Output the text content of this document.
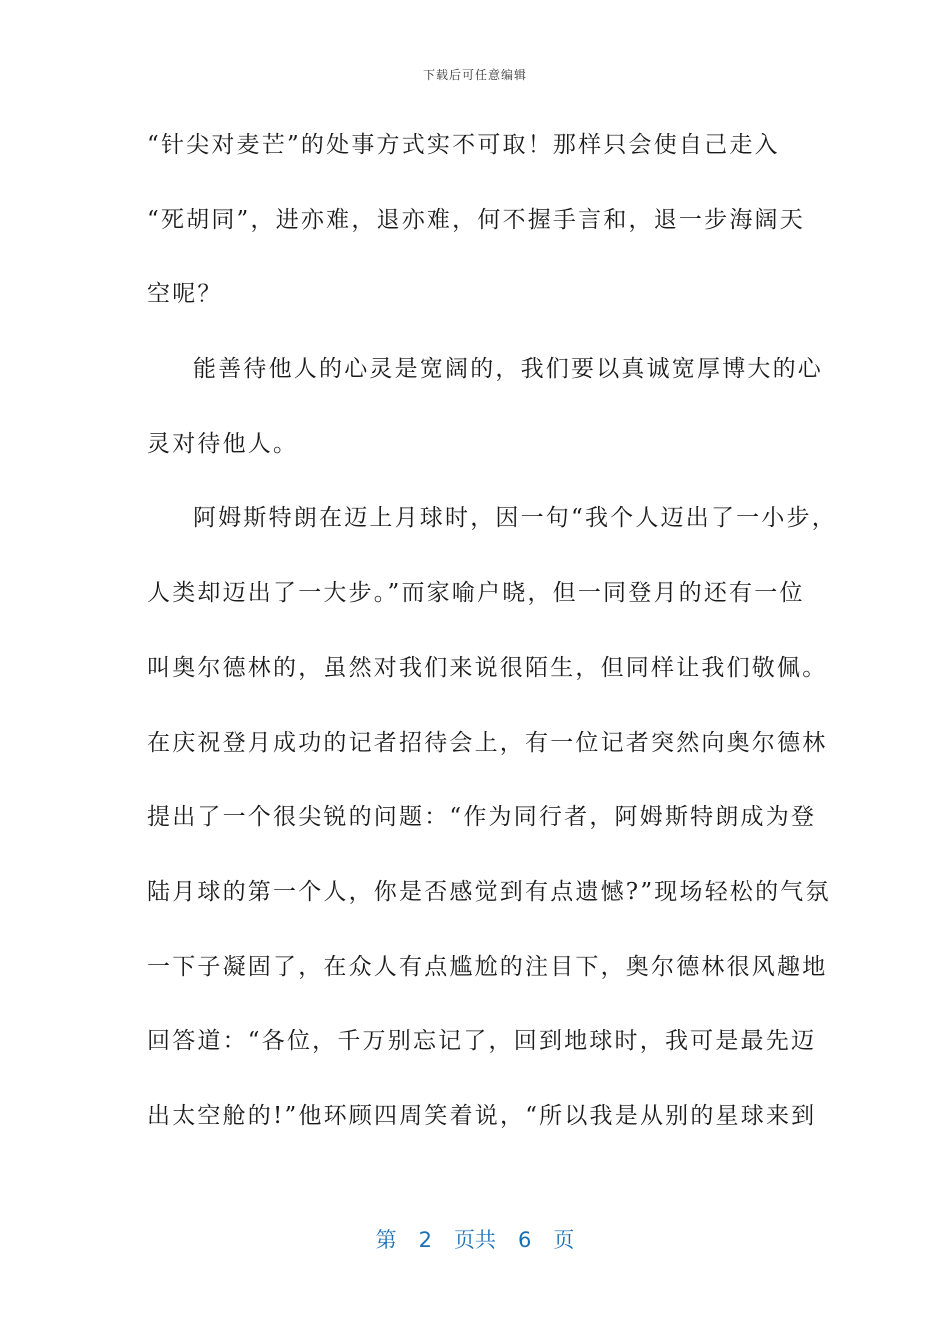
下载后可任意编辑
“针尖对麦芒”的处事方式实不可取！那样只会使自己走入
“死胡同”，进亦难，退亦难，何不握手言和，退一步海阔天
空呢？
能善待他人的心灵是宽阔的，我们要以真诚宽厚博大的心
灵对待他人。
阿姆斯特朗在迈上月球时，因一句“我个人迈出了一小步，
人类却迈出了一大步。”而家喻户晓，但一同登月的还有一位
叫奥尔德林的，虽然对我们来说很陌生，但同样让我们敬佩。
在庆祝登月成功的记者招待会上，有一位记者突然向奥尔德林
提出了一个很尖锐的问题：“作为同行者，阿姆斯特朗成为登
陆月球的第一个人，你是否感觉到有点遗憾?”现场轻松的气氛
一下子凝固了，在众人有点尴尬的注目下，奥尔德林很风趣地
回答道：“各位，千万别忘记了，回到地球时，我可是最先迈
出太空舱的!”他环顾四周笑着说，“所以我是从别的星球来到
第 2 页共 6 页
